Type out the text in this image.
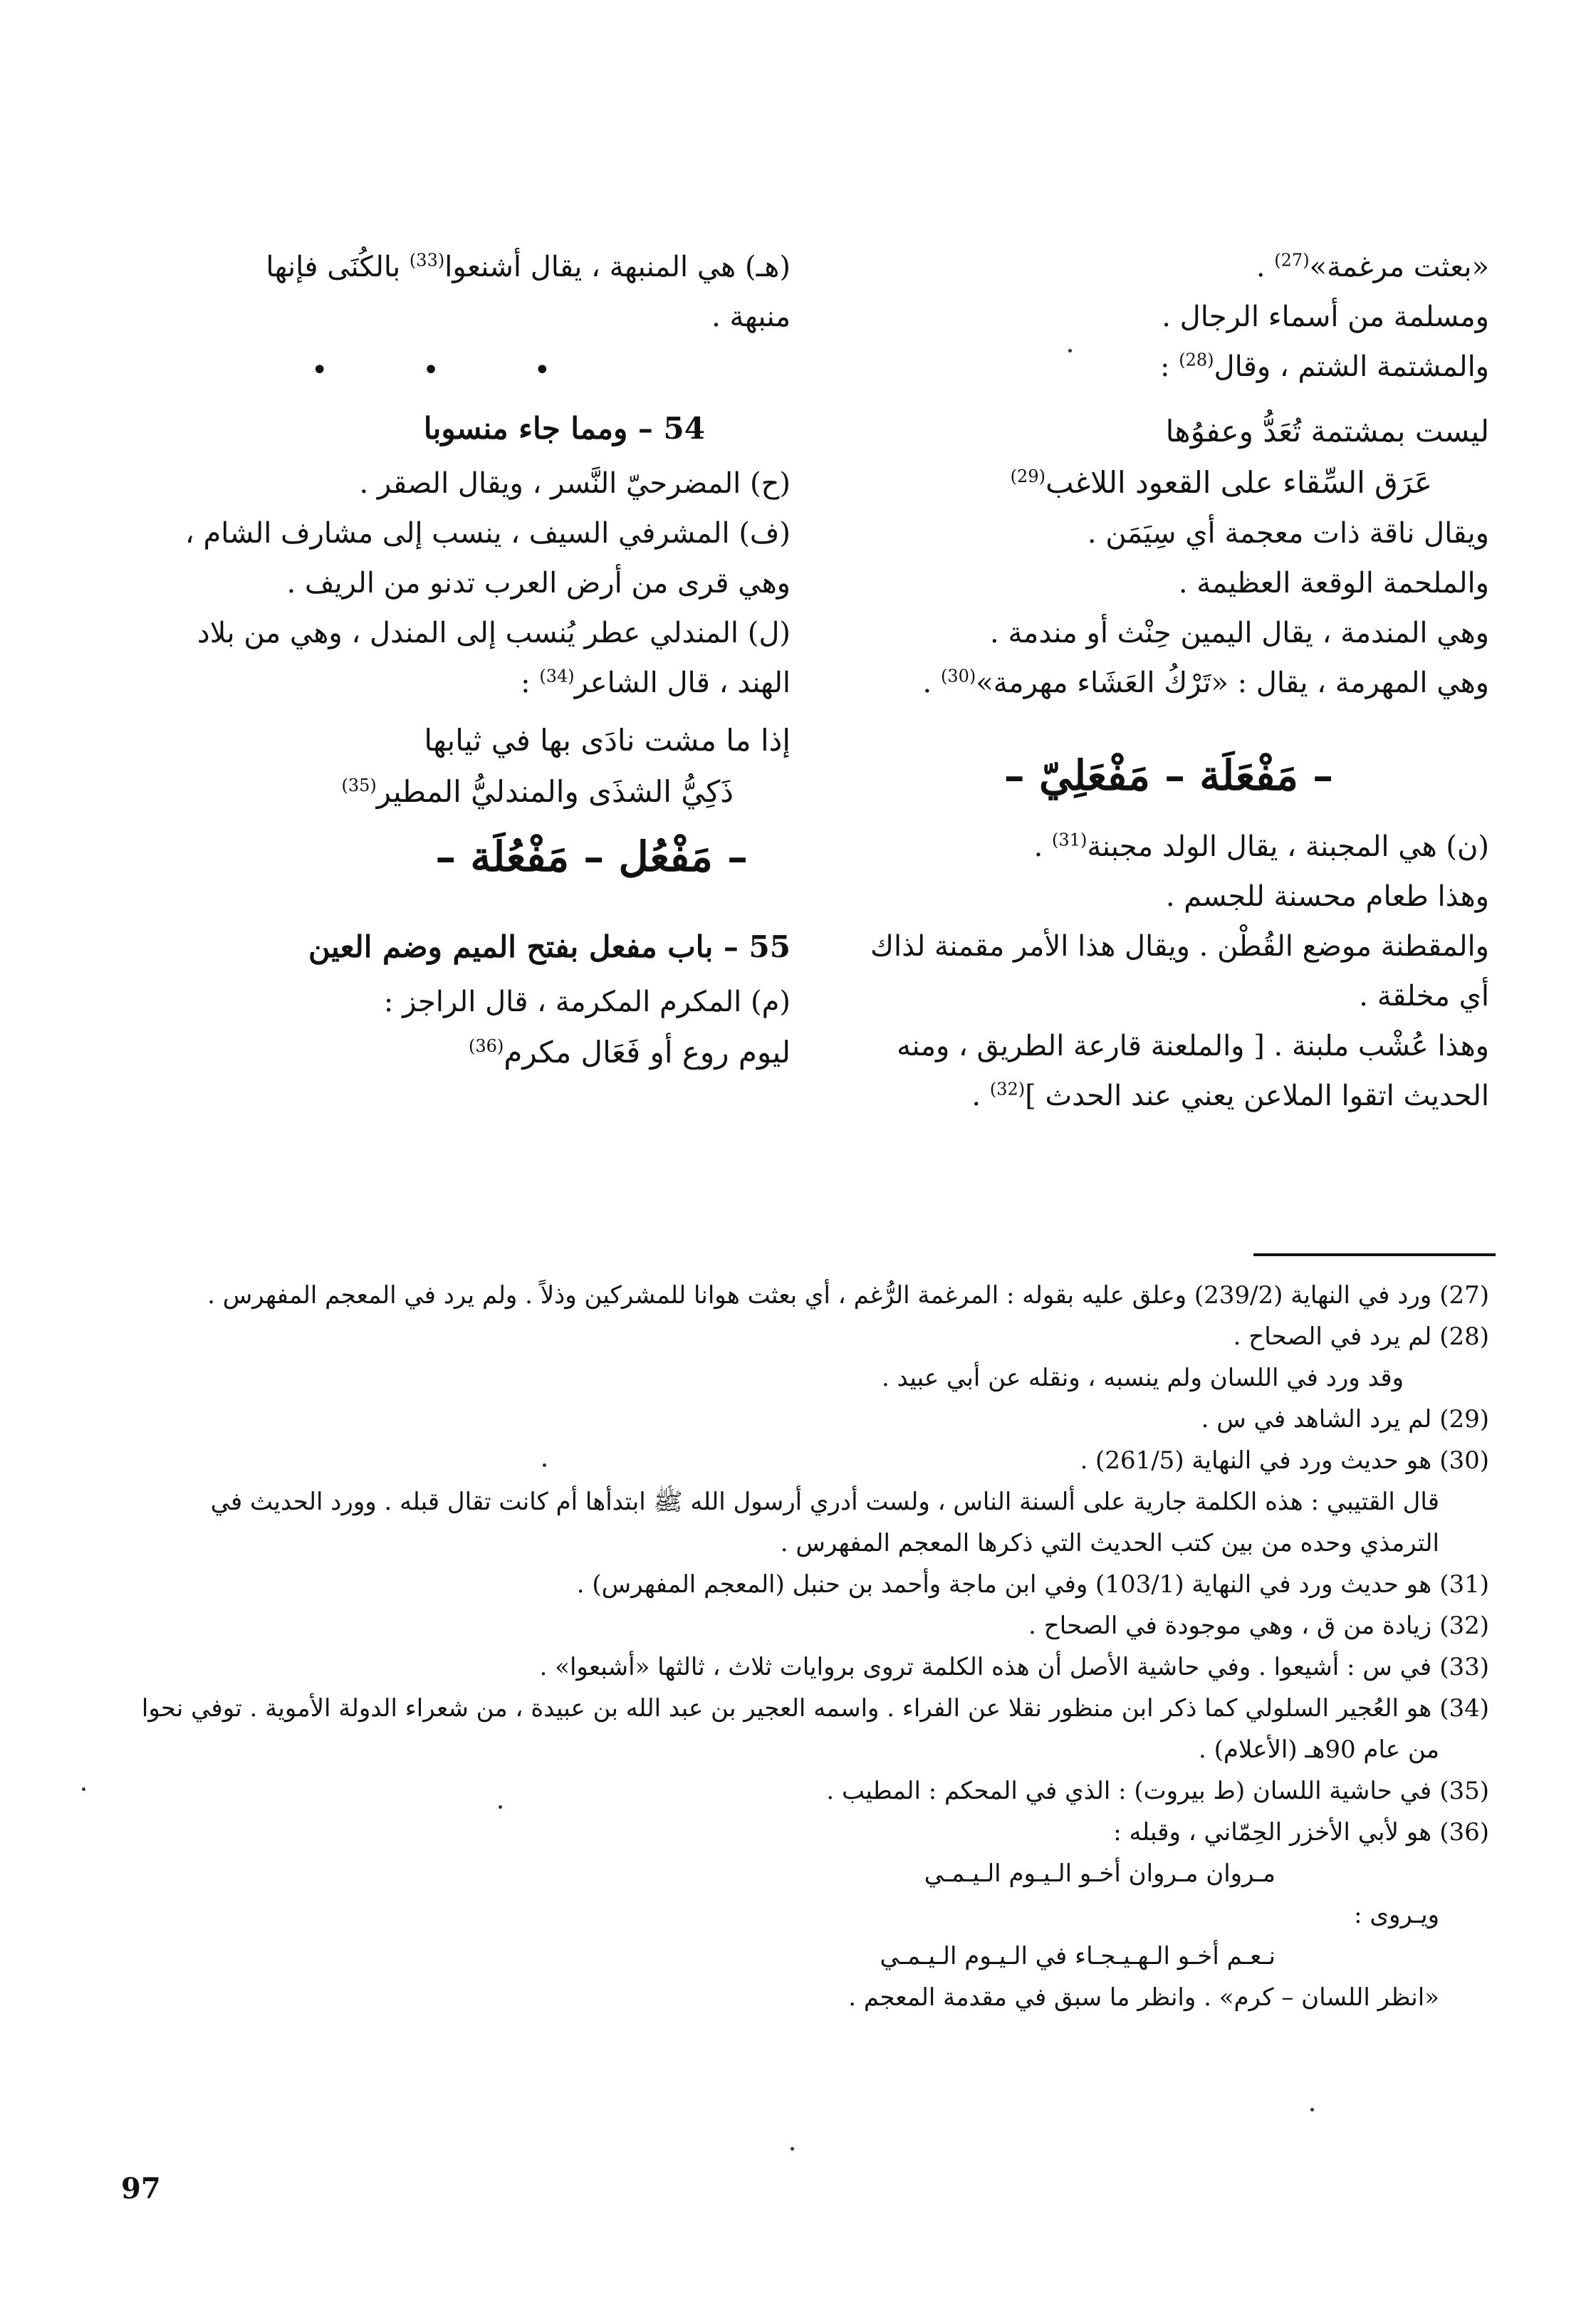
«بعثت مرغمة»$^{(27)}$ .
ومسلمة من أسماء الرجال .
والمشتمة الشتم ، وقال$^{(28)}$ :
ليست بمشتمة تُعَدُّ وعفوُها
عَرَق السِّقاء على القعود اللاغب$^{(29)}$
ويقال ناقة ذات معجمة أي سِيَمَن .
والملحمة الوقعة العظيمة .
وهي المندمة ، يقال اليمين حِنْث أو مندمة .
وهي المهرمة ، يقال : «تَرْكُ العَشَاء مهرمة»$^{(30)}$ .
– مَفْعَلَة – مَفْعَلِيّ –
(ن) هي المجبنة ، يقال الولد مجبنة$^{(31)}$ .
وهذا طعام محسنة للجسم .
والمقطنة موضع القُطْن . ويقال هذا الأمر مقمنة لذاك
أي مخلقة .
وهذا عُشْب ملبنة . [ والملعنة قارعة الطريق ، ومنه
الحديث اتقوا الملاعن يعني عند الحدث ]$^{(32)}$ .
(هـ) هي المنبهة ، يقال أشنعوا$^{(33)}$ بالكُنَى فإنها
منبهة .
• • •
54 – ومما جاء منسوبا
(ح) المضرحيّ النَّسر ، ويقال الصقر .
(ف) المشرفي السيف ، ينسب إلى مشارف الشام ،
وهي قرى من أرض العرب تدنو من الريف .
(ل) المندلي عطر يُنسب إلى المندل ، وهي من بلاد
الهند ، قال الشاعر$^{(34)}$ :
إذا ما مشت نادَى بها في ثيابها
ذَكِيُّ الشذَى والمندليُّ المطير$^{(35)}$
– مَفْعُل – مَفْعُلَة –
55 – باب مفعل بفتح الميم وضم العين
(م) المكرم المكرمة ، قال الراجز :
ليوم روع أو فَعَال مكرم$^{(36)}$
(27) ورد في النهاية (239/2) وعلق عليه بقوله : المرغمة الرُّغم ، أي بعثت هوانا للمشركين وذلاً . ولم يرد في المعجم المفهرس .
(28) لم يرد في الصحاح .
وقد ورد في اللسان ولم ينسبه ، ونقله عن أبي عبيد .
(29) لم يرد الشاهد في س .
(30) هو حديث ورد في النهاية (261/5) .
قال القتيبي : هذه الكلمة جارية على ألسنة الناس ، ولست أدري أرسول الله ﷺ ابتدأها أم كانت تقال قبله . وورد الحديث في
الترمذي وحده من بين كتب الحديث التي ذكرها المعجم المفهرس .
(31) هو حديث ورد في النهاية (103/1) وفي ابن ماجة وأحمد بن حنبل (المعجم المفهرس) .
(32) زيادة من ق ، وهي موجودة في الصحاح .
(33) في س : أشيعوا . وفي حاشية الأصل أن هذه الكلمة تروى بروايات ثلاث ، ثالثها «أشبعوا» .
(34) هو العُجير السلولي كما ذكر ابن منظور نقلا عن الفراء . واسمه العجير بن عبد الله بن عبيدة ، من شعراء الدولة الأموية . توفي نحوا
من عام 90هـ (الأعلام) .
(35) في حاشية اللسان (ط بيروت) : الذي في المحكم : المطيب .
(36) هو لأبي الأخزر الحِمّاني ، وقبله :
مـروان مـروان أخـو الـيـوم الـيـمـي
ويـروى :
نـعـم أخـو الـهـيـجـاء في الـيـوم الـيـمـي
«انظر اللسان – كرم» . وانظر ما سبق في مقدمة المعجم .
97
